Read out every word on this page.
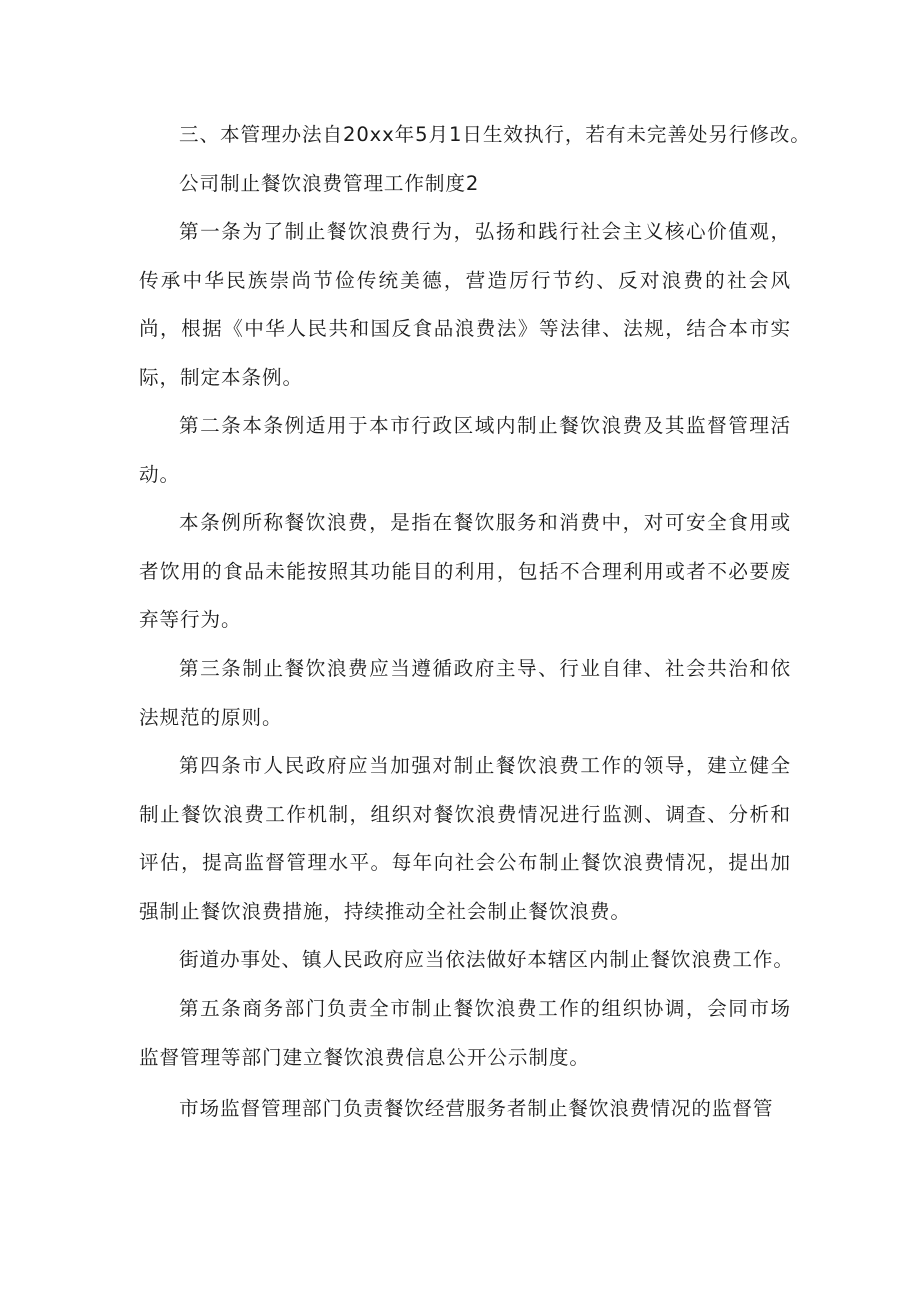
三、本管理办法自20xx年5月1日生效执行，若有未完善处另行修改。

公司制止餐饮浪费管理工作制度2

第一条为了制止餐饮浪费行为，弘扬和践行社会主义核心价值观，传承中华民族崇尚节俭传统美德，营造厉行节约、反对浪费的社会风尚，根据《中华人民共和国反食品浪费法》等法律、法规，结合本市实际，制定本条例。

第二条本条例适用于本市行政区域内制止餐饮浪费及其监督管理活动。

本条例所称餐饮浪费，是指在餐饮服务和消费中，对可安全食用或者饮用的食品未能按照其功能目的利用，包括不合理利用或者不必要废弃等行为。

第三条制止餐饮浪费应当遵循政府主导、行业自律、社会共治和依法规范的原则。

第四条市人民政府应当加强对制止餐饮浪费工作的领导，建立健全制止餐饮浪费工作机制，组织对餐饮浪费情况进行监测、调查、分析和评估，提高监督管理水平。每年向社会公布制止餐饮浪费情况，提出加强制止餐饮浪费措施，持续推动全社会制止餐饮浪费。

街道办事处、镇人民政府应当依法做好本辖区内制止餐饮浪费工作。

第五条商务部门负责全市制止餐饮浪费工作的组织协调，会同市场监督管理等部门建立餐饮浪费信息公开公示制度。

市场监督管理部门负责餐饮经营服务者制止餐饮浪费情况的监督管
